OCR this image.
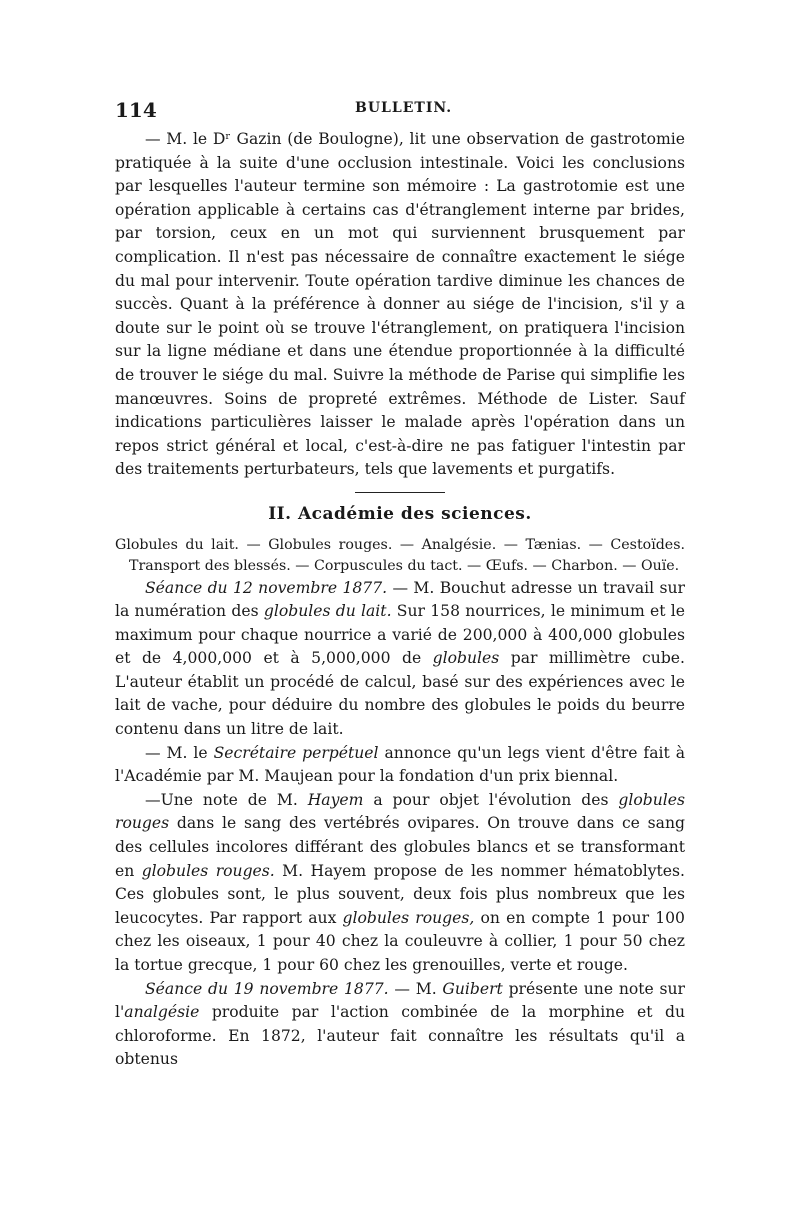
114	BULLETIN.

— M. le Dʳ Gazin (de Boulogne), lit une observation de gastrotomie pratiquée à la suite d'une occlusion intestinale. Voici les conclusions par lesquelles l'auteur termine son mémoire : La gastrotomie est une opération applicable à certains cas d'étranglement interne par brides, par torsion, ceux en un mot qui surviennent brusquement par complication. Il n'est pas nécessaire de connaître exactement le siége du mal pour intervenir. Toute opération tardive diminue les chances de succès. Quant à la préférence à donner au siége de l'incision, s'il y a doute sur le point où se trouve l'étranglement, on pratiquera l'incision sur la ligne médiane et dans une étendue proportionnée à la difficulté de trouver le siége du mal. Suivre la méthode de Parise qui simplifie les manœuvres. Soins de propreté extrêmes. Méthode de Lister. Sauf indications particulières laisser le malade après l'opération dans un repos strict général et local, c'est-à-dire ne pas fatiguer l'intestin par des traitements perturbateurs, tels que lavements et purgatifs.

II. Académie des sciences.

Globules du lait. — Globules rouges. — Analgésie. — Tænias. — Cestoïdes. Transport des blessés. — Corpuscules du tact. — Œufs. — Charbon. — Ouïe.

Séance du 12 novembre 1877. — M. Bouchut adresse un travail sur la numération des globules du lait. Sur 158 nourrices, le minimum et le maximum pour chaque nourrice a varié de 200,000 à 400,000 globules et de 4,000,000 et à 5,000,000 de globules par millimètre cube. L'auteur établit un procédé de calcul, basé sur des expériences avec le lait de vache, pour déduire du nombre des globules le poids du beurre contenu dans un litre de lait.

— M. le Secrétaire perpétuel annonce qu'un legs vient d'être fait à l'Académie par M. Maujean pour la fondation d'un prix biennal.

—Une note de M. Hayem a pour objet l'évolution des globules rouges dans le sang des vertébrés ovipares. On trouve dans ce sang des cellules incolores différant des globules blancs et se transformant en globules rouges. M. Hayem propose de les nommer hématoblytes. Ces globules sont, le plus souvent, deux fois plus nombreux que les leucocytes. Par rapport aux globules rouges, on en compte 1 pour 100 chez les oiseaux, 1 pour 40 chez la couleuvre à collier, 1 pour 50 chez la tortue grecque, 1 pour 60 chez les grenouilles, verte et rouge.

Séance du 19 novembre 1877. — M. Guibert présente une note sur l'analgésie produite par l'action combinée de la morphine et du chloroforme. En 1872, l'auteur fait connaître les résultats qu'il a obtenus
